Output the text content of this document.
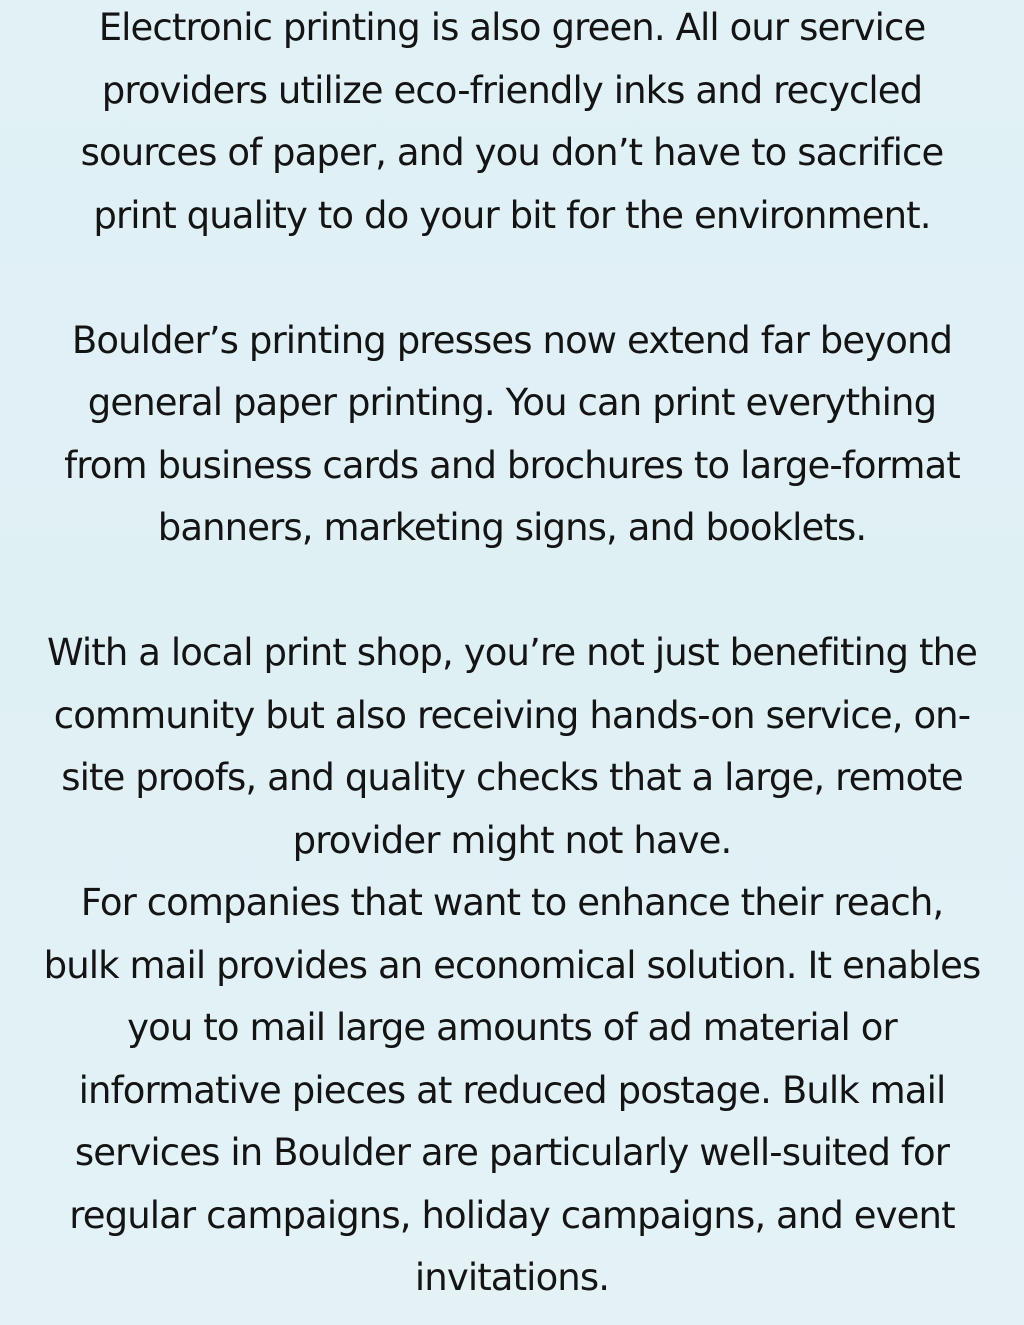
Electronic printing is also green. All our service
providers utilize eco-friendly inks and recycled
sources of paper, and you don’t have to sacrifice
print quality to do your bit for the environment.

Boulder’s printing presses now extend far beyond
general paper printing. You can print everything
from business cards and brochures to large-format
banners, marketing signs, and booklets.

With a local print shop, you’re not just benefiting the
community but also receiving hands-on service, on-
site proofs, and quality checks that a large, remote
provider might not have.

For companies that want to enhance their reach,
bulk mail provides an economical solution. It enables
you to mail large amounts of ad material or
informative pieces at reduced postage. Bulk mail
services in Boulder are particularly well-suited for
regular campaigns, holiday campaigns, and event
invitations.
